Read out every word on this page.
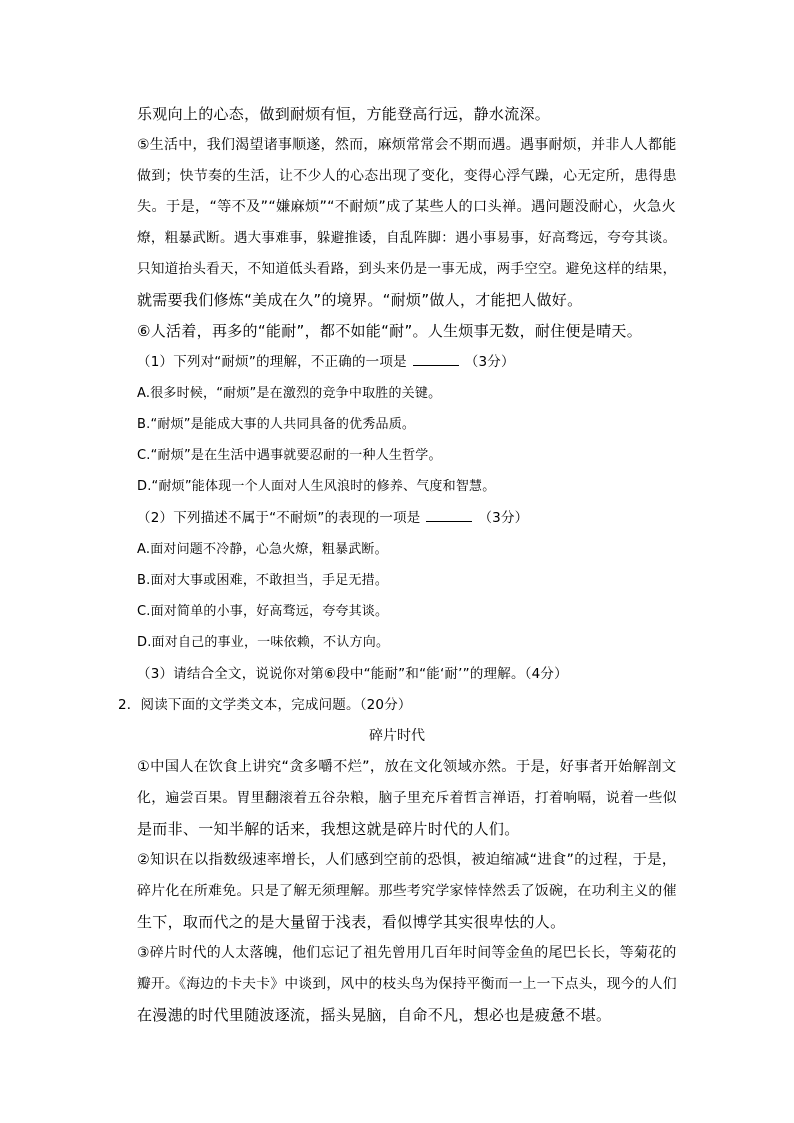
乐观向上的心态，做到耐烦有恒，方能登高行远，静水流深。
⑤生活中，我们渴望诸事顺遂，然而，麻烦常常会不期而遇。遇事耐烦，并非人人都能
做到；快节奏的生活，让不少人的心态出现了变化，变得心浮气躁，心无定所，患得患
失。于是，“等不及”“嫌麻烦”“不耐烦”成了某些人的口头禅。遇问题没耐心，火急火
燎，粗暴武断。遇大事难事，躲避推诿，自乱阵脚：遇小事易事，好高骛远，夸夸其谈。
只知道抬头看天，不知道低头看路，到头来仍是一事无成，两手空空。避免这样的结果，
就需要我们修炼“美成在久”的境界。“耐烦”做人，才能把人做好。
⑥人活着，再多的“能耐”，都不如能“耐”。人生烦事无数，耐住便是晴天。
（1）下列对“耐烦”的理解，不正确的一项是	（3分）
A.很多时候，“耐烦”是在激烈的竞争中取胜的关键。
B.“耐烦”是能成大事的人共同具备的优秀品质。
C.“耐烦”是在生活中遇事就要忍耐的一种人生哲学。
D.“耐烦”能体现一个人面对人生风浪时的修养、气度和智慧。
（2）下列描述不属于“不耐烦”的表现的一项是	（3分）
A.面对问题不冷静，心急火燎，粗暴武断。
B.面对大事或困难，不敢担当，手足无措。
C.面对简单的小事，好高骛远，夸夸其谈。
D.面对自己的事业，一味依赖，不认方向。
（3）请结合全文，说说你对第⑥段中“能耐”和“能‘耐’”的理解。（4分）
2．阅读下面的文学类文本，完成问题。（20分）
碎片时代
①中国人在饮食上讲究“贪多嚼不烂”，放在文化领域亦然。于是，好事者开始解剖文
化，遍尝百果。胃里翻滚着五谷杂粮，脑子里充斥着哲言禅语，打着响嗝，说着一些似
是而非、一知半解的话来，我想这就是碎片时代的人们。
②知识在以指数级速率增长，人们感到空前的恐惧，被迫缩减“进食”的过程，于是，
碎片化在所难免。只是了解无须理解。那些考究学家悻悻然丢了饭碗，在功利主义的催
生下，取而代之的是大量留于浅表，看似博学其实很卑怯的人。
③碎片时代的人太落魄，他们忘记了祖先曾用几百年时间等金鱼的尾巴长长，等菊花的
瓣开。《海边的卡夫卡》中谈到，风中的枝头鸟为保持平衡而一上一下点头，现今的人们
在漫漶的时代里随波逐流，摇头晃脑，自命不凡，想必也是疲惫不堪。
